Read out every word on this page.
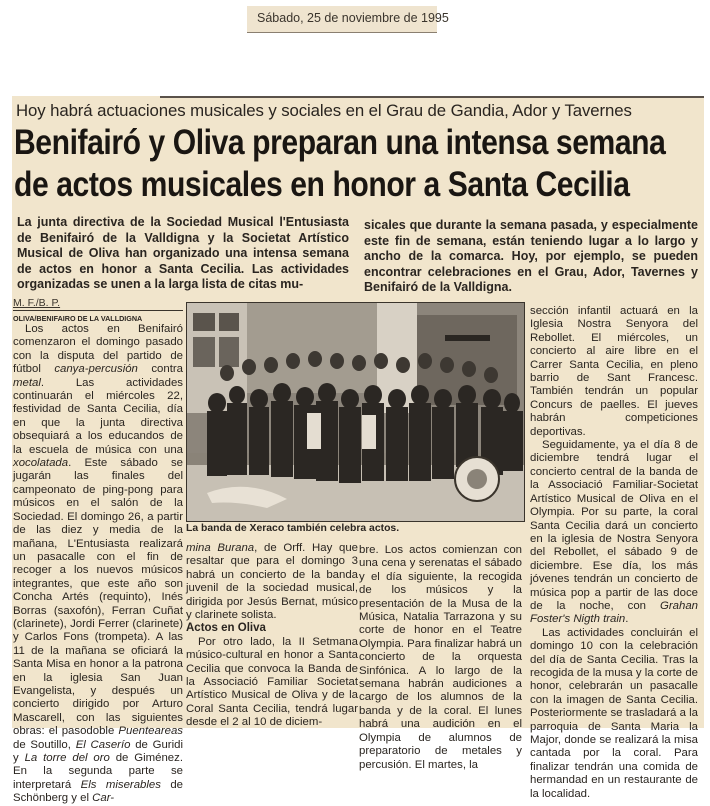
Sábado, 25 de noviembre de 1995
Hoy habrá actuaciones musicales y sociales en el Grau de Gandia, Ador y Tavernes
Benifairó y Oliva preparan una intensa semana
de actos musicales en honor a Santa Cecilia
La junta directiva de la Sociedad Musical l'Entusiasta de Benifairó de la Valldigna y la Societat Artístico Musical de Oliva han organizado una intensa semana de actos en honor a Santa Cecilia. Las actividades organizadas se unen a la larga lista de citas mu-
sicales que durante la semana pasada, y especialmente este fin de semana, están teniendo lugar a lo largo y ancho de la comarca. Hoy, por ejemplo, se pueden encontrar celebraciones en el Grau, Ador, Tavernes y Benifairó de la Valldigna.
M. F./B. P.
OLIVA/BENIFAIRO DE LA VALLDIGNA

Los actos en Benifairó comenzaron el domingo pasado con la disputa del partido de fútbol canya-percusión contra metal. Las actividades continuarán el miércoles 22, festividad de Santa Cecilia, día en que la junta directiva obsequiará a los educandos de la escuela de música con una xocolatada. Este sábado se jugarán las finales del campeonato de ping-pong para músicos en el salón de la Sociedad. El domingo 26, a partir de las diez y media de la mañana, L'Entusiasta realizará un pasacalle con el fin de recoger a los nuevos músicos integrantes, que este año son Concha Artés (requinto), Inés Borras (saxofón), Ferran Cuñat (clarinete), Jordi Ferrer (clarinete) y Carlos Fons (trompeta). A las 11 de la mañana se oficiará la Santa Misa en honor a la patrona en la iglesia San Juan Evangelista, y después un concierto dirigido por Arturo Mascarell, con las siguientes obras: el pasodoble Puenteareas de Soutillo, El Caserío de Guridi y La torre del oro de Giménez. En la segunda parte se interpretará Els miserables de Schönberg y el Car-

La banda de Xeraco también celebra actos.

mina Burana, de Orff. Hay que resaltar que para el domingo 3 habrá un concierto de la banda juvenil de la sociedad musical, dirigida por Jesús Bernat, músico y clarinete solista.

Actos en Oliva

Por otro lado, la II Setmana músico-cultural en honor a Santa Cecilia que convoca la Banda de la Associació Familiar Societat Artístico Musical de Oliva y de la Coral Santa Cecilia, tendrá lugar desde el 2 al 10 de diciem-

bre. Los actos comienzan con una cena y serenatas el sábado y el día siguiente, la recogida de los músicos y la presentación de la Musa de la Música, Natalia Tarrazona y su corte de honor en el Teatre Olympia. Para finalizar habrá un concierto de la orquesta Sinfónica. A lo largo de la semana habrán audiciones a cargo de los alumnos de la banda y de la coral. El lunes habrá una audición en el Olympia de alumnos de preparatorio de metales y percusión. El martes, la

sección infantil actuará en la Iglesia Nostra Senyora del Rebollet. El miércoles, un concierto al aire libre en el Carrer Santa Cecilia, en pleno barrio de Sant Francesc. También tendrán un popular Concurs de paelles. El jueves habrán competiciones deportivas.

Seguidamente, ya el día 8 de diciembre tendrá lugar el concierto central de la banda de la Associació Familiar-Societat Artístico Musical de Oliva en el Olympia. Por su parte, la coral Santa Cecilia dará un concierto en la iglesia de Nostra Senyora del Rebollet, el sábado 9 de diciembre. Ese día, los más jóvenes tendrán un concierto de música pop a partir de las doce de la noche, con Grahan Foster's Nigth train.

Las actividades concluirán el domingo 10 con la celebración del día de Santa Cecilia. Tras la recogida de la musa y la corte de honor, celebrarán un pasacalle con la imagen de Santa Cecilia. Posteriormente se trasladará a la parroquia de Santa Maria la Major, donde se realizará la misa cantada por la coral. Para finalizar tendrán una comida de hermandad en un restaurante de la localidad.
